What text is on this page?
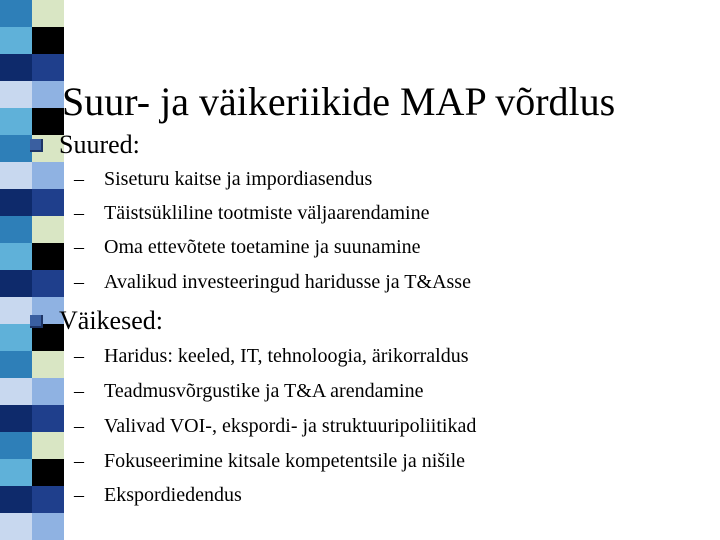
Suur- ja väikeriikide MAP võrdlus
Suured:
– Siseturu kaitse ja impordiasendus
– Täistsükliline tootmiste väljaarendamine
– Oma ettevõtete toetamine ja suunamine
– Avalikud investeeringud haridusse ja T&Asse
Väikesed:
– Haridus: keeled, IT, tehnoloogia, ärikorraldus
– Teadmusvõrgustike ja T&A arendamine
– Valivad VOI-, ekspordi- ja struktuuripoliitikad
– Fokuseerimine kitsale kompetentsile ja nišile
– Ekspordiedendus
